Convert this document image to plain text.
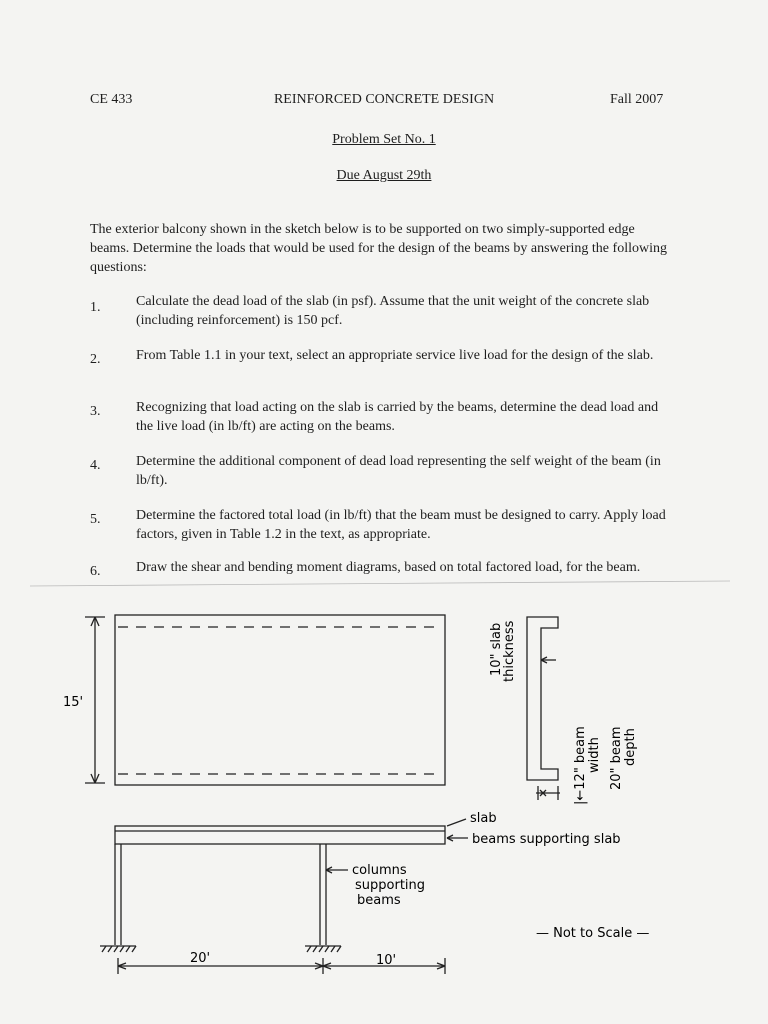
CE 433	REINFORCED CONCRETE DESIGN	Fall 2007
Problem Set No. 1
Due August 29th
The exterior balcony shown in the sketch below is to be supported on two simply-supported edge beams. Determine the loads that would be used for the design of the beams by answering the following questions:
1.	Calculate the dead load of the slab (in psf). Assume that the unit weight of the concrete slab (including reinforcement) is 150 pcf.
2.	From Table 1.1 in your text, select an appropriate service live load for the design of the slab.
3.	Recognizing that load acting on the slab is carried by the beams, determine the dead load and the live load (in lb/ft) are acting on the beams.
4.	Determine the additional component of dead load representing the self weight of the beam (in lb/ft).
5.	Determine the factored total load (in lb/ft) that the beam must be designed to carry. Apply load factors, given in Table 1.2 in the text, as appropriate.
6.	Draw the shear and bending moment diagrams, based on total factored load, for the beam.
15'
10" slab
thickness
|←12" beam width 20" beam depth
slab
beams supporting slab
columns
supporting
beams
20'	10'
— Not to Scale —
